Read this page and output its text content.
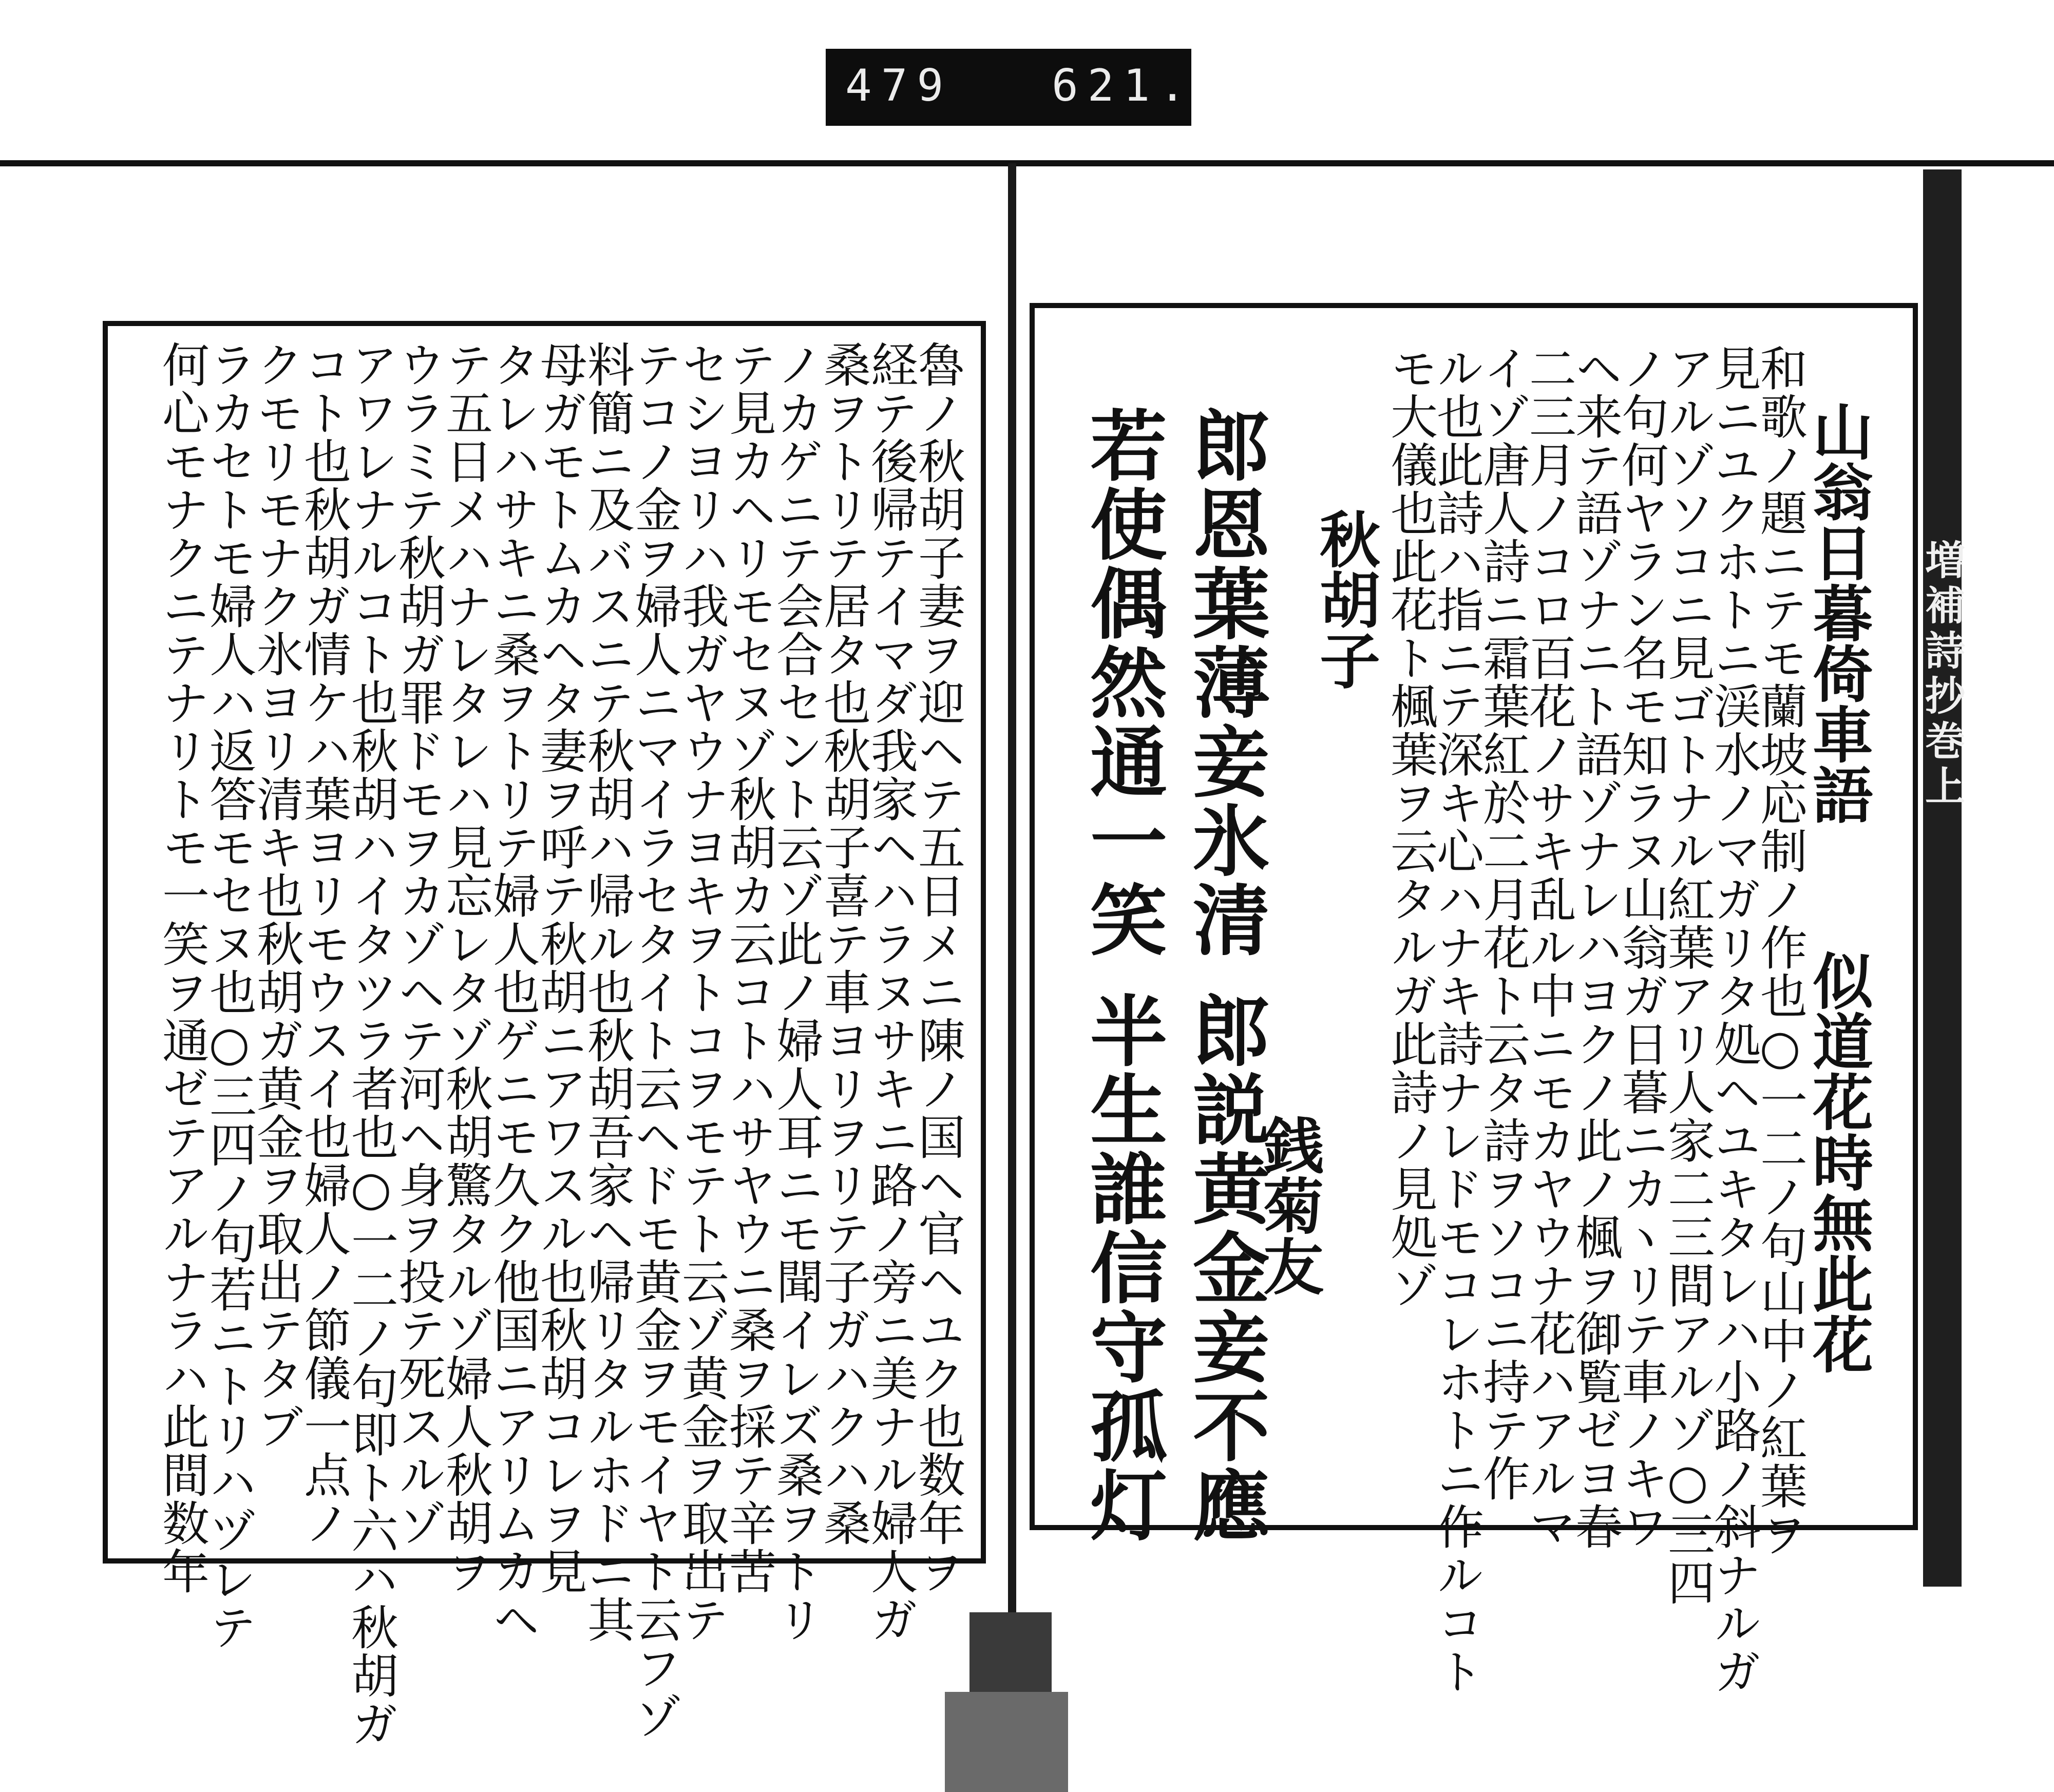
479 621.
魯ノ秋胡子妻ヲ迎ヘテ五日メニ陳ノ国ヘ官ヘユク也数年ヲ
経テ後帰テイマダ我家ヘハラヌサキニ路ノ旁ニ美ナル婦人ガ
桑ヲトリテ居タ也秋胡子喜テ車ヨリヲリテ子ガハクハ桑
ノカゲニテ会合セント云ゾ此ノ婦人耳ニモ聞イレズ桑ヲトリ
テ見カヘリモセヌゾ秋胡カ云コトハサヤウニ桑ヲ採テ辛苦
セシヨリハ我ガヤウナヨキヲトコヲモテト云ゾ黄金ヲ取出テ
テコノ金ヲ婦人ニマイラセタイト云ヘドモ黄金ヲモイヤト云フゾ
料簡ニ及バスニテ秋胡ハ帰ル也秋胡吾家ヘ帰リタルホドニ其
母ガモトムカヘタ妻ヲ呼テ秋胡ニアワスル也秋胡コレヲ見
タレハサキニ桑ヲトリテ婦人也ゲニモ久ク他国ニアリムカヘ
テ五日メハナレタレハ見忘レタゾ秋胡驚タルゾ婦人秋胡ヲ
ウラミテ秋胡ガ罪ドモヲカゾヘテ河ヘ身ヲ投テ死スルゾ
アワレナルコト也秋胡ハイタツラ者也○一二ノ句即ト六ハ秋胡ガ
コト也秋胡ガ情ケハ葉ヨリモウスイ也婦人ノ節儀一点ノ
クモリモナク氷ヨリ清キ也秋胡ガ黄金ヲ取出テタブ
ラカセトモ婦人ハ返答モセヌ也○三四ノ句若ニトリハヅレテ
何心モナクニテナリトモ一笑ヲ通ゼテアルナラハ此間数年	増補詩抄巻上
山翁日暮倚車語
似道花時無此花
和歌ノ題ニテモ蘭坡応制ノ作也○一二ノ句山中ノ紅葉ヲ
見ニユクホトニ渓水ノマガリタ処ヘユキタレハ小路ノ斜ナルガ
アルゾソコニ見ゴトナル紅葉アリ人家二三間アルゾ○三四
ノ句何ヤラン名モ知ラヌ山翁ガ日暮ニカヽリテ車ノキワ
ヘ来テ語ゾナニト語ゾナレハヨクノ此ノ楓ヲ御覧ゼヨ春
二三月ノコロ百花ノサキ乱ル中ニモカヤウナ花ハアルマ
イゾ唐人詩ニ霜葉紅於二月花ト云タ詩ヲソコニ持テ作
ル也此詩ハ指ニテ深キ心ハナキ詩ナレドモコレホトニ作ルコト
モ大儀也此花ト楓葉ヲ云タルガ此詩ノ見処ゾ
秋胡子
銭菊友
郎恩葉薄妾氷清
郎説黄金妾不應
若使偶然通一笑
半生誰信守孤灯
